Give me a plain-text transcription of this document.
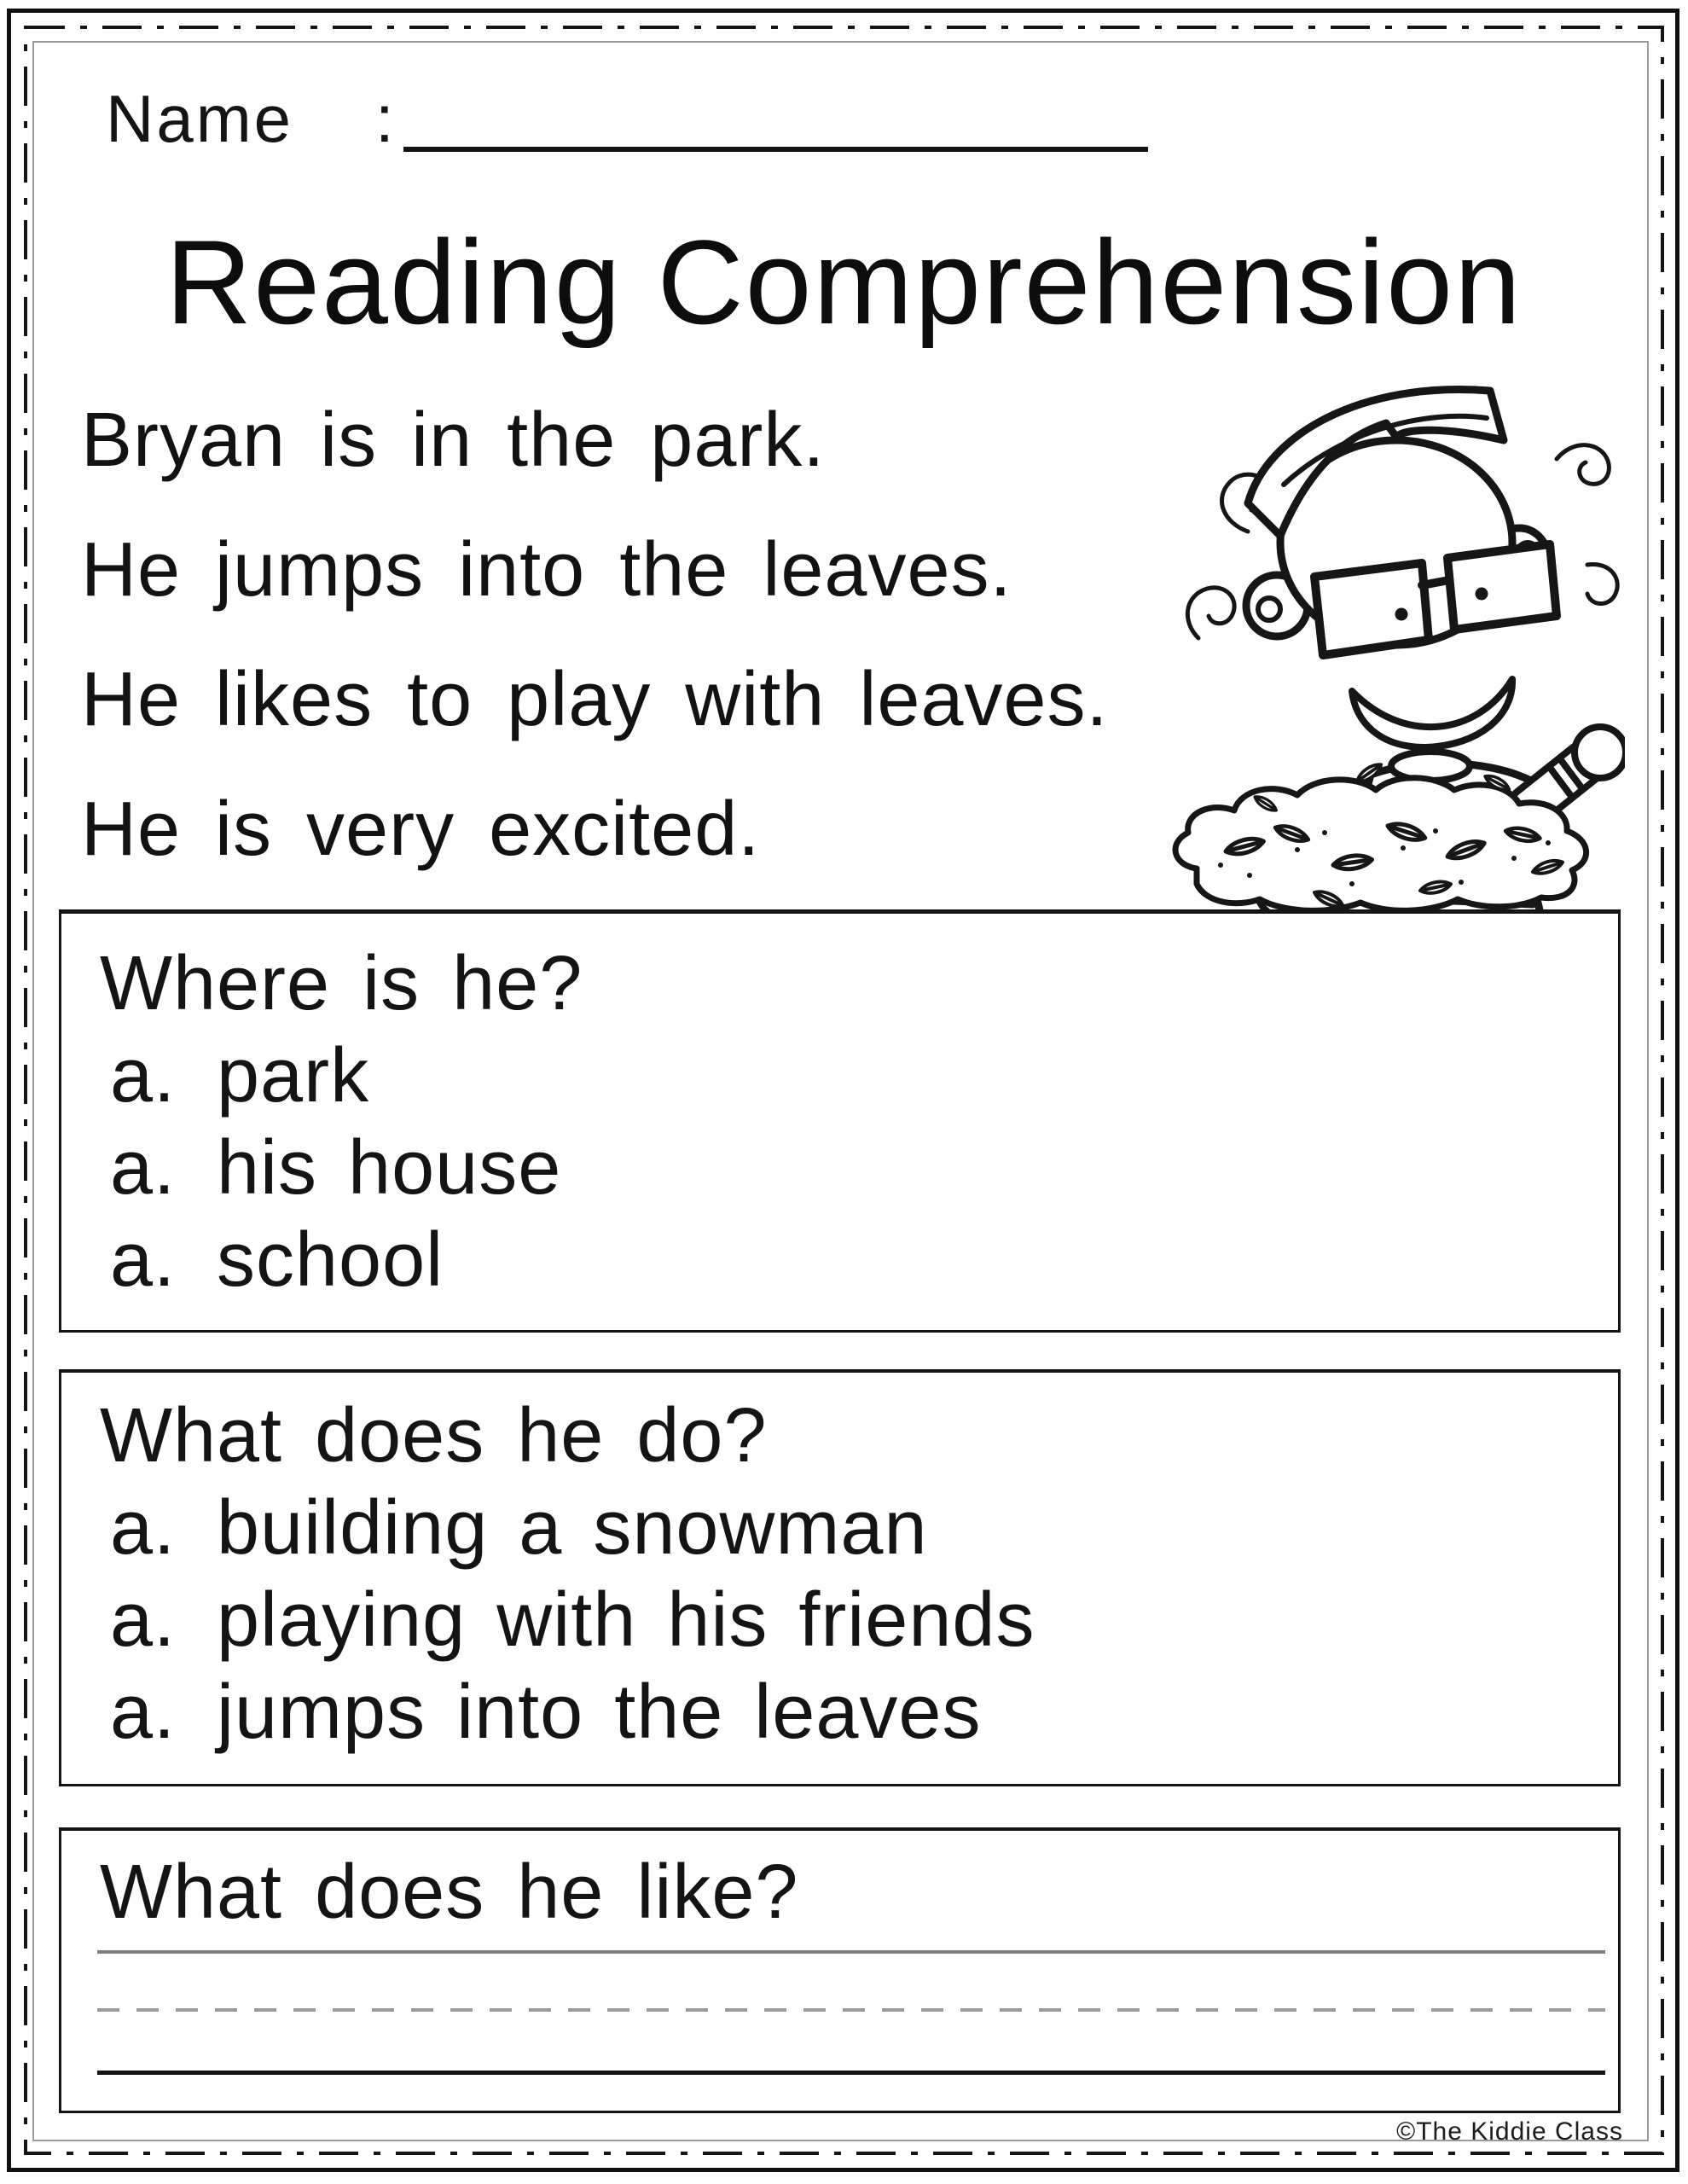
Name :
Reading Comprehension
Bryan is in the park.
He jumps into the leaves.
He likes to play with leaves.
He is very excited.
Where is he?
a. park
a. his house
a. school
What does he do?
a. building a snowman
a. playing with his friends
a. jumps into the leaves
What does he like?
©The Kiddie Class
